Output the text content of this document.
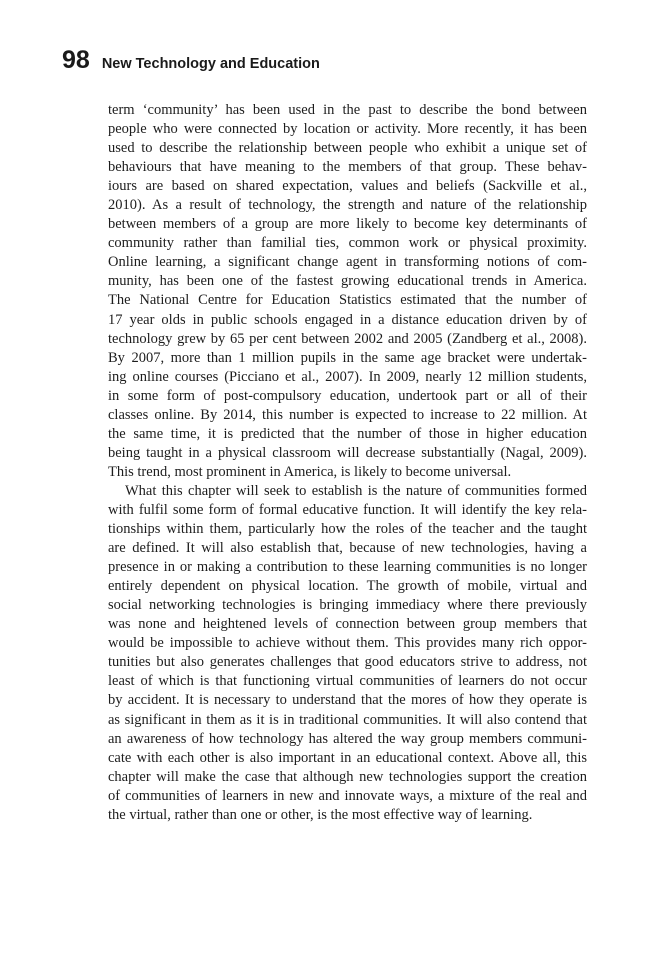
98 New Technology and Education
term ‘community’ has been used in the past to describe the bond between
people who were connected by location or activity. More recently, it has been
used to describe the relationship between people who exhibit a unique set of
behaviours that have meaning to the members of that group. These behav-
iours are based on shared expectation, values and beliefs (Sackville et al.,
2010). As a result of technology, the strength and nature of the relationship
between members of a group are more likely to become key determinants of
community rather than familial ties, common work or physical proximity.
Online learning, a significant change agent in transforming notions of com-
munity, has been one of the fastest growing educational trends in America.
The National Centre for Education Statistics estimated that the number of
17 year olds in public schools engaged in a distance education driven by of
technology grew by 65 per cent between 2002 and 2005 (Zandberg et al., 2008).
By 2007, more than 1 million pupils in the same age bracket were undertak-
ing online courses (Picciano et al., 2007). In 2009, nearly 12 million students,
in some form of post-compulsory education, undertook part or all of their
classes online. By 2014, this number is expected to increase to 22 million. At
the same time, it is predicted that the number of those in higher education
being taught in a physical classroom will decrease substantially (Nagal, 2009).
This trend, most prominent in America, is likely to become universal.
What this chapter will seek to establish is the nature of communities formed
with fulfil some form of formal educative function. It will identify the key rela-
tionships within them, particularly how the roles of the teacher and the taught
are defined. It will also establish that, because of new technologies, having a
presence in or making a contribution to these learning communities is no longer
entirely dependent on physical location. The growth of mobile, virtual and
social networking technologies is bringing immediacy where there previously
was none and heightened levels of connection between group members that
would be impossible to achieve without them. This provides many rich oppor-
tunities but also generates challenges that good educators strive to address, not
least of which is that functioning virtual communities of learners do not occur
by accident. It is necessary to understand that the mores of how they operate is
as significant in them as it is in traditional communities. It will also contend that
an awareness of how technology has altered the way group members communi-
cate with each other is also important in an educational context. Above all, this
chapter will make the case that although new technologies support the creation
of communities of learners in new and innovate ways, a mixture of the real and
the virtual, rather than one or other, is the most effective way of learning.
